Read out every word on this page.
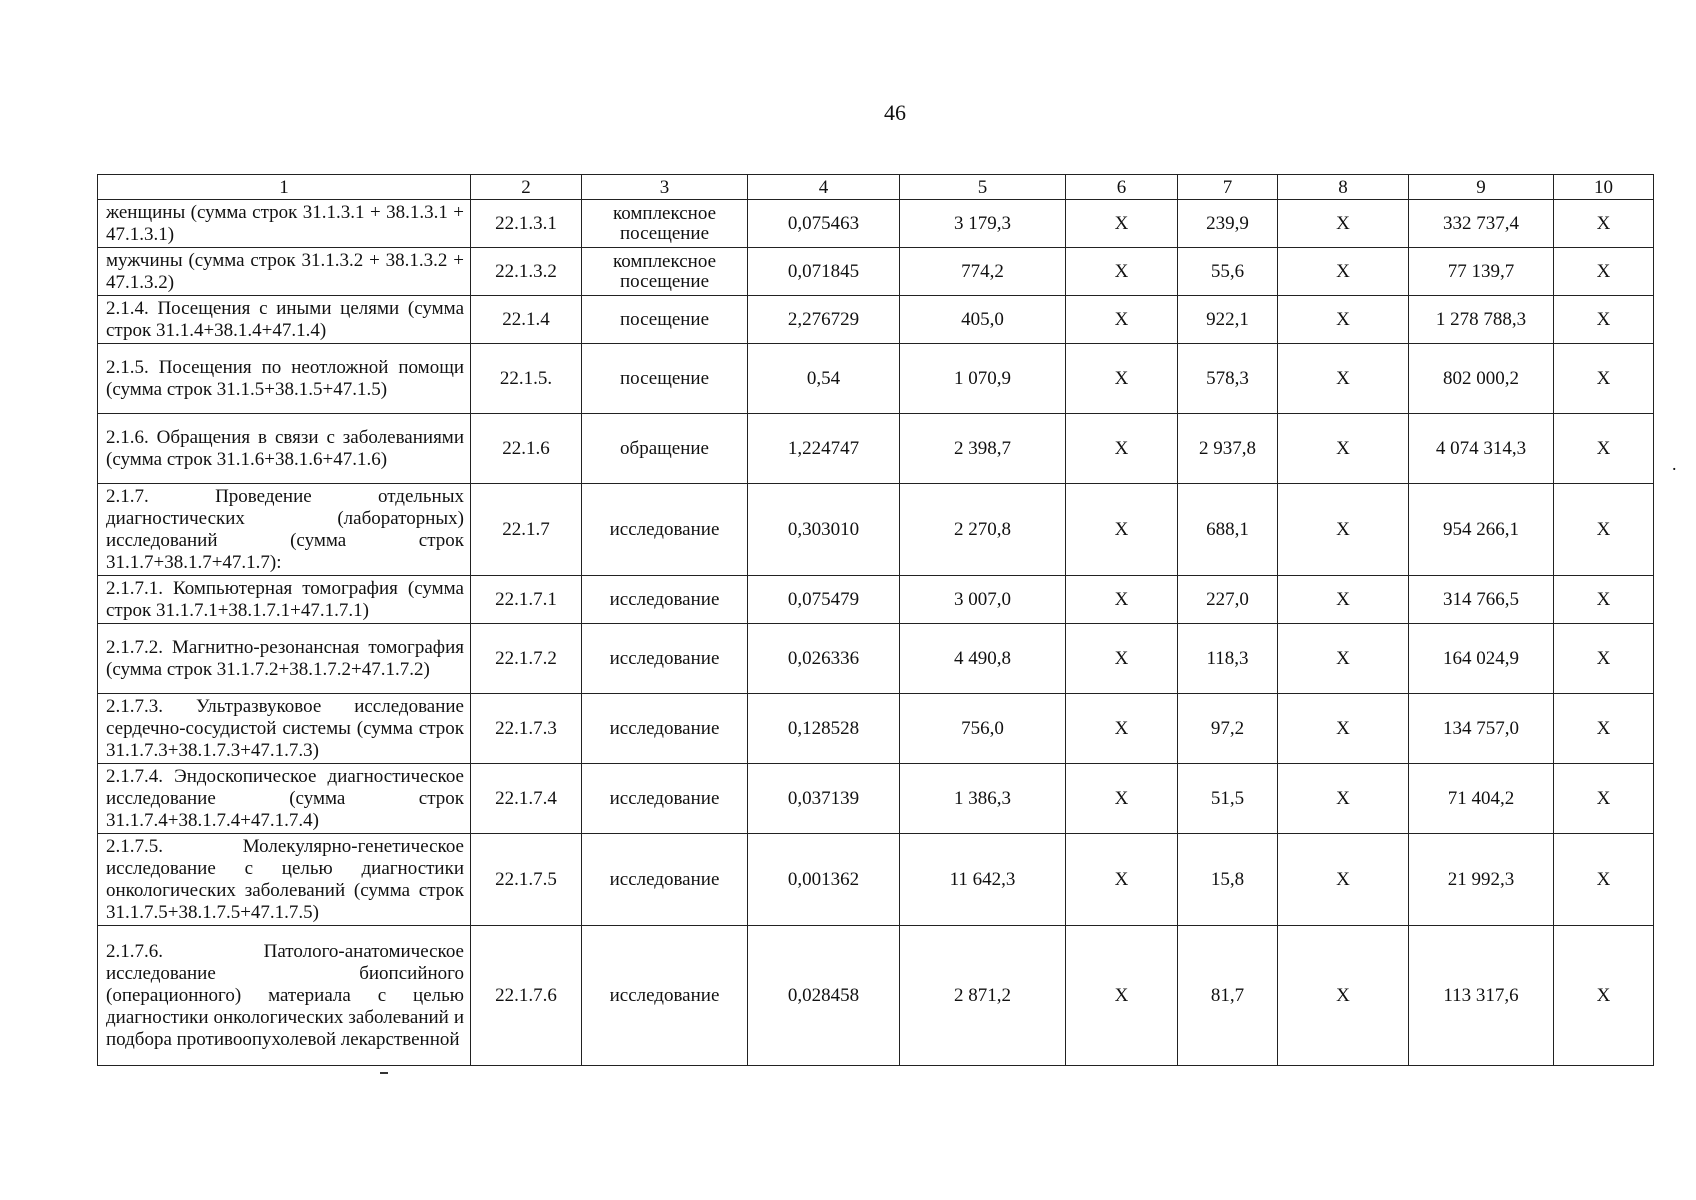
46
1	2	3	4	5	6	7	8	9	10
женщины (сумма строк 31.1.3.1 + 38.1.3.1 + 47.1.3.1)	22.1.3.1	комплексное посещение	0,075463	3 179,3	X	239,9	X	332 737,4	X
мужчины (сумма строк 31.1.3.2 + 38.1.3.2 + 47.1.3.2)	22.1.3.2	комплексное посещение	0,071845	774,2	X	55,6	X	77 139,7	X
2.1.4. Посещения с иными целями (сумма строк 31.1.4+38.1.4+47.1.4)	22.1.4	посещение	2,276729	405,0	X	922,1	X	1 278 788,3	X
2.1.5. Посещения по неотложной помощи (сумма строк 31.1.5+38.1.5+47.1.5)	22.1.5.	посещение	0,54	1 070,9	X	578,3	X	802 000,2	X
2.1.6. Обращения в связи с заболеваниями (сумма строк 31.1.6+38.1.6+47.1.6)	22.1.6	обращение	1,224747	2 398,7	X	2 937,8	X	4 074 314,3	X
2.1.7. Проведение отдельных диагностических (лабораторных) исследований (сумма строк 31.1.7+38.1.7+47.1.7):	22.1.7	исследование	0,303010	2 270,8	X	688,1	X	954 266,1	X
2.1.7.1. Компьютерная томография (сумма строк 31.1.7.1+38.1.7.1+47.1.7.1)	22.1.7.1	исследование	0,075479	3 007,0	X	227,0	X	314 766,5	X
2.1.7.2. Магнитно-резонансная томография (сумма строк 31.1.7.2+38.1.7.2+47.1.7.2)	22.1.7.2	исследование	0,026336	4 490,8	X	118,3	X	164 024,9	X
2.1.7.3. Ультразвуковое исследование сердечно-сосудистой системы (сумма строк 31.1.7.3+38.1.7.3+47.1.7.3)	22.1.7.3	исследование	0,128528	756,0	X	97,2	X	134 757,0	X
2.1.7.4. Эндоскопическое диагностическое исследование (сумма строк 31.1.7.4+38.1.7.4+47.1.7.4)	22.1.7.4	исследование	0,037139	1 386,3	X	51,5	X	71 404,2	X
2.1.7.5. Молекулярно-генетическое исследование с целью диагностики онкологических заболеваний (сумма строк 31.1.7.5+38.1.7.5+47.1.7.5)	22.1.7.5	исследование	0,001362	11 642,3	X	15,8	X	21 992,3	X
2.1.7.6. Патолого-анатомическое исследование биопсийного (операционного) материала с целью диагностики онкологических заболеваний и подбора противоопухолевой лекарственной	22.1.7.6	исследование	0,028458	2 871,2	X	81,7	X	113 317,6	X
.
